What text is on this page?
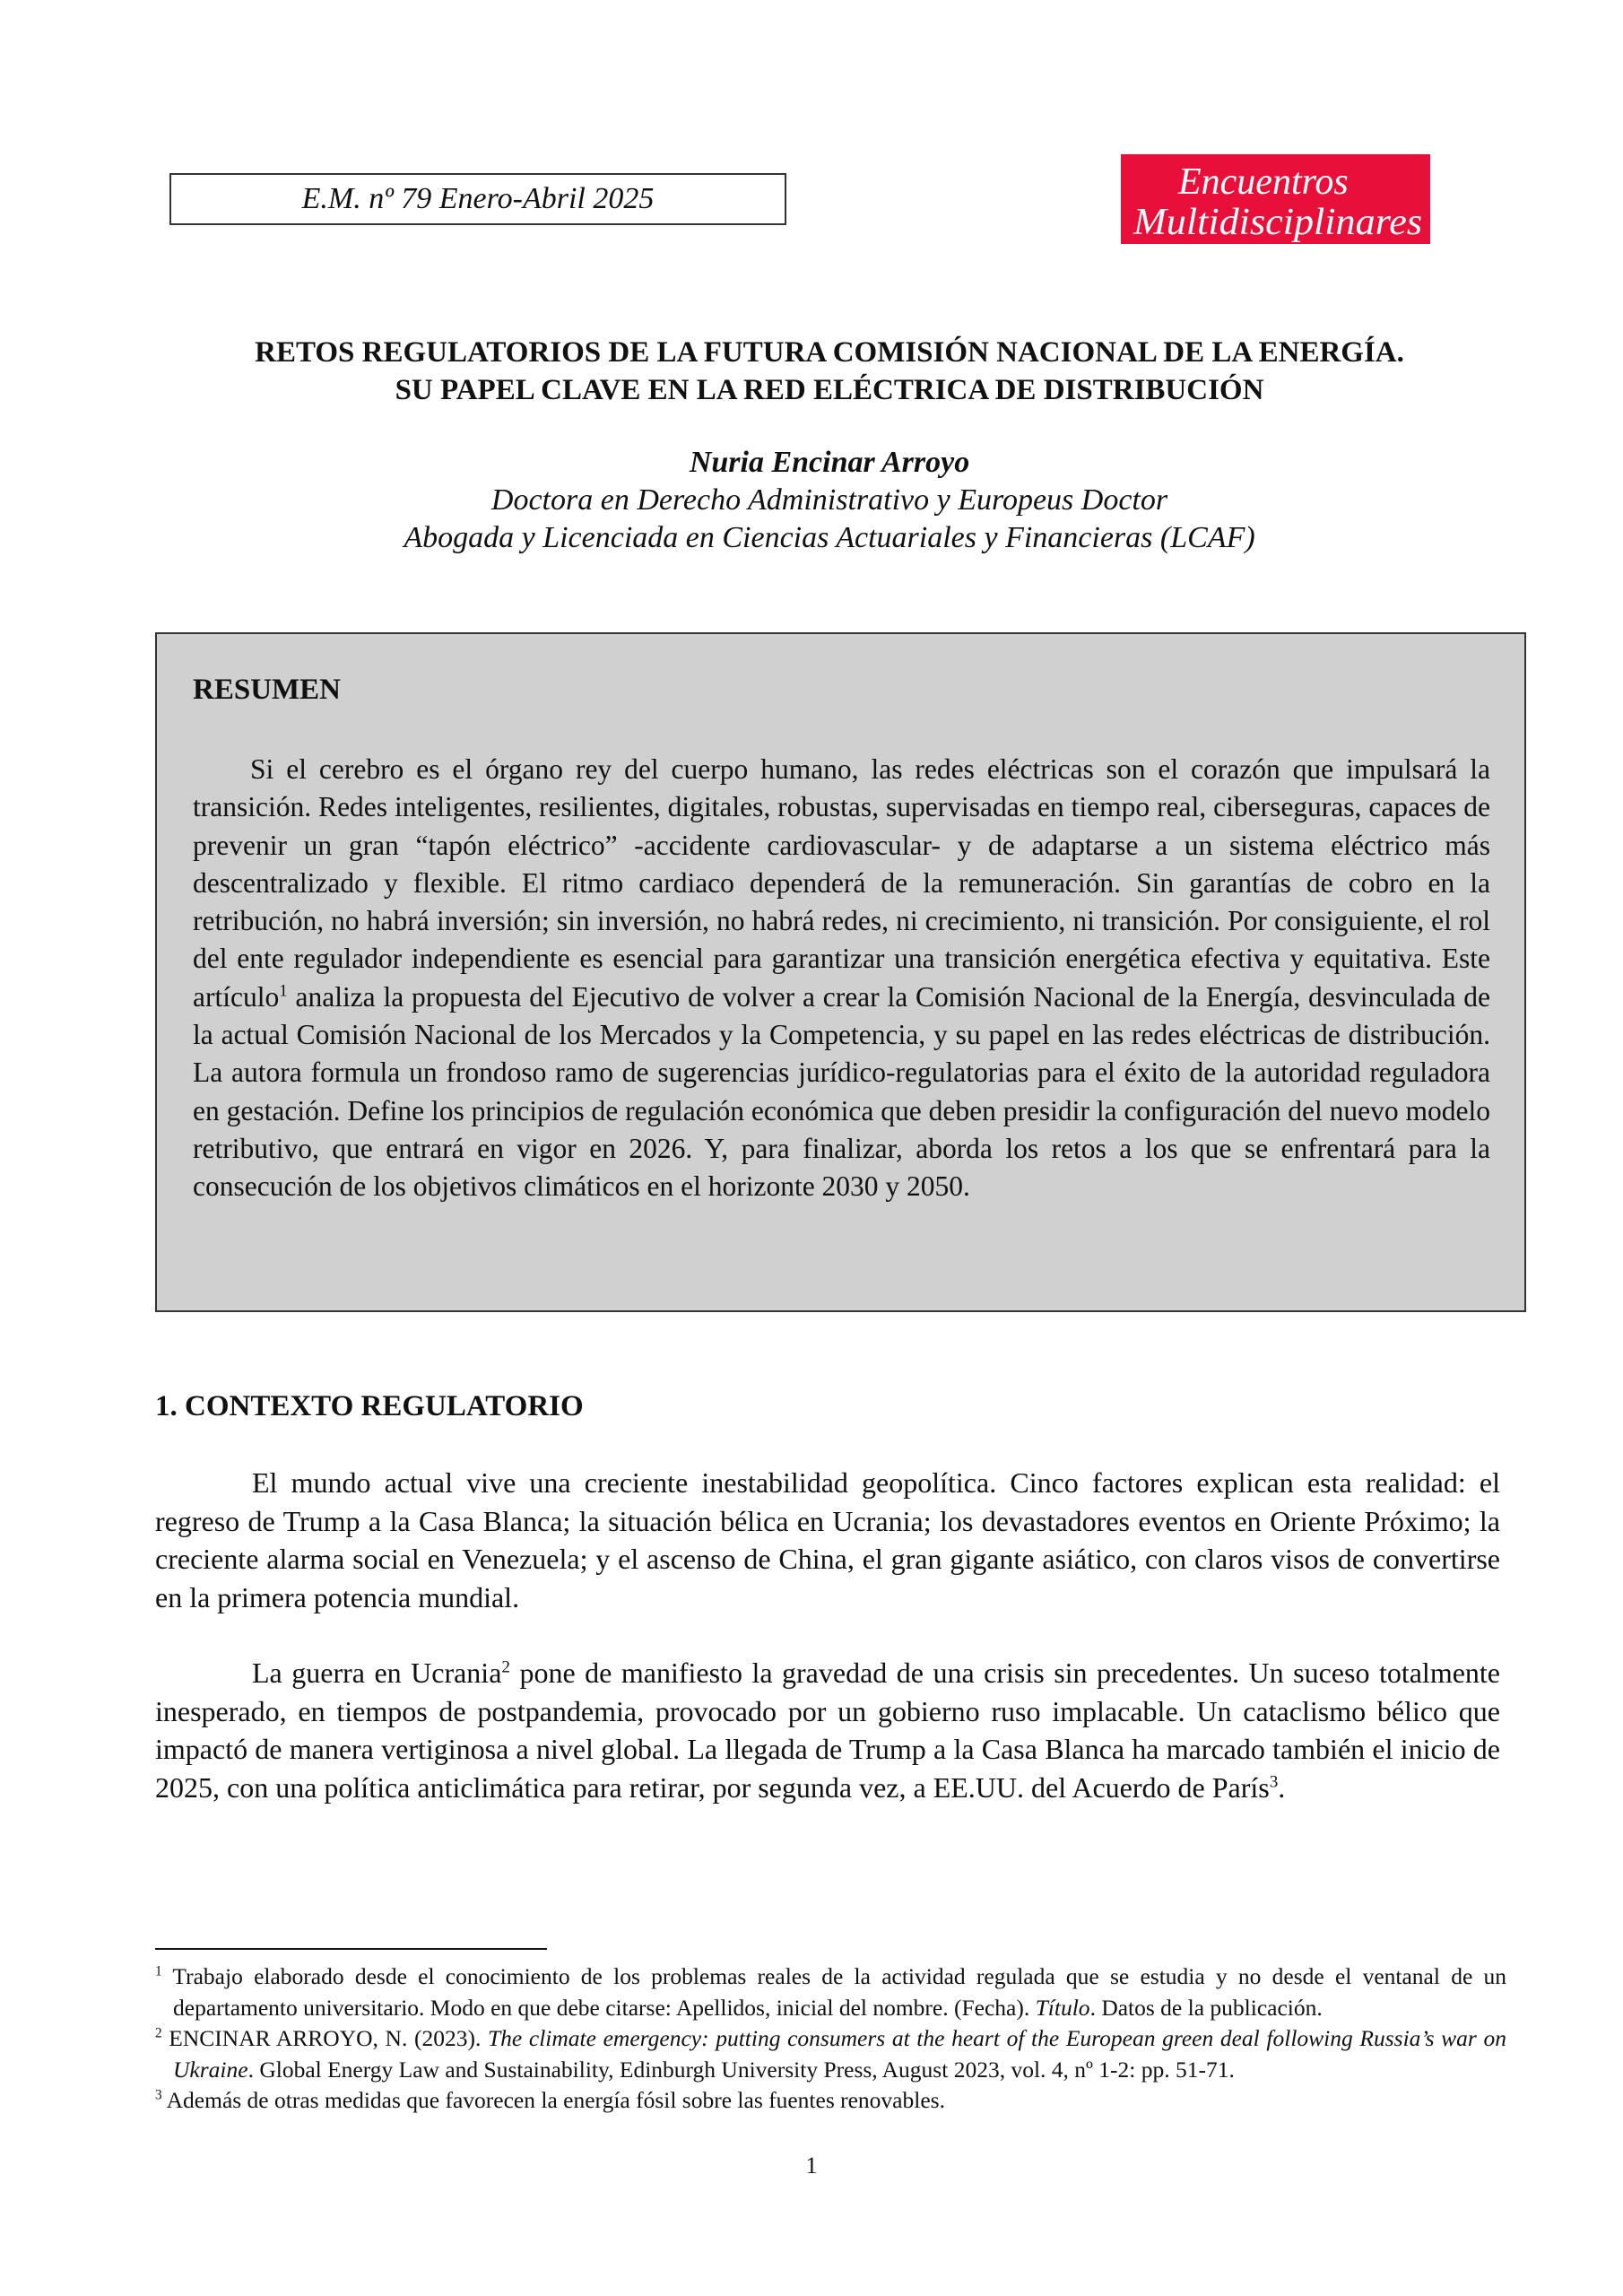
E.M. nº 79 Enero-Abril 2025	Encuentros
Multidisciplinares
RETOS REGULATORIOS DE LA FUTURA COMISIÓN NACIONAL DE LA ENERGÍA.
SU PAPEL CLAVE EN LA RED ELÉCTRICA DE DISTRIBUCIÓN
Nuria Encinar Arroyo
Doctora en Derecho Administrativo y Europeus Doctor
Abogada y Licenciada en Ciencias Actuariales y Financieras (LCAF)
RESUMEN

Si el cerebro es el órgano rey del cuerpo humano, las redes eléctricas son el corazón que impulsará la transición. Redes inteligentes, resilientes, digitales, robustas, supervisadas en tiempo real, ciberseguras, capaces de prevenir un gran “tapón eléctrico” -accidente cardiovascular- y de adaptarse a un sistema eléctrico más descentralizado y flexible. El ritmo cardiaco dependerá de la remuneración. Sin garantías de cobro en la retribución, no habrá inversión; sin inversión, no habrá redes, ni crecimiento, ni transición. Por consiguiente, el rol del ente regulador independiente es esencial para garantizar una transición energética efectiva y equitativa. Este artículo$^1$ analiza la propuesta del Ejecutivo de volver a crear la Comisión Nacional de la Energía, desvinculada de la actual Comisión Nacional de los Mercados y la Competencia, y su papel en las redes eléctricas de distribución. La autora formula un frondoso ramo de sugerencias jurídico-regulatorias para el éxito de la autoridad reguladora en gestación. Define los principios de regulación económica que deben presidir la configuración del nuevo modelo retributivo, que entrará en vigor en 2026. Y, para finalizar, aborda los retos a los que se enfrentará para la consecución de los objetivos climáticos en el horizonte 2030 y 2050.

1. CONTEXTO REGULATORIO

El mundo actual vive una creciente inestabilidad geopolítica. Cinco factores explican esta realidad: el regreso de Trump a la Casa Blanca; la situación bélica en Ucrania; los devastadores eventos en Oriente Próximo; la creciente alarma social en Venezuela; y el ascenso de China, el gran gigante asiático, con claros visos de convertirse en la primera potencia mundial.

La guerra en Ucrania$^2$ pone de manifiesto la gravedad de una crisis sin precedentes. Un suceso totalmente inesperado, en tiempos de postpandemia, provocado por un gobierno ruso implacable. Un cataclismo bélico que impactó de manera vertiginosa a nivel global. La llegada de Trump a la Casa Blanca ha marcado también el inicio de 2025, con una política anticlimática para retirar, por segunda vez, a EE.UU. del Acuerdo de París$^3$.

$^1$ Trabajo elaborado desde el conocimiento de los problemas reales de la actividad regulada que se estudia y no desde el ventanal de un departamento universitario. Modo en que debe citarse: Apellidos, inicial del nombre. (Fecha). Título. Datos de la publicación.

$^2$ ENCINAR ARROYO, N. (2023). The climate emergency: putting consumers at the heart of the European green deal following Russia’s war on Ukraine. Global Energy Law and Sustainability, Edinburgh University Press, August 2023, vol. 4, nº 1-2: pp. 51-71.

$^3$ Además de otras medidas que favorecen la energía fósil sobre las fuentes renovables.

1
